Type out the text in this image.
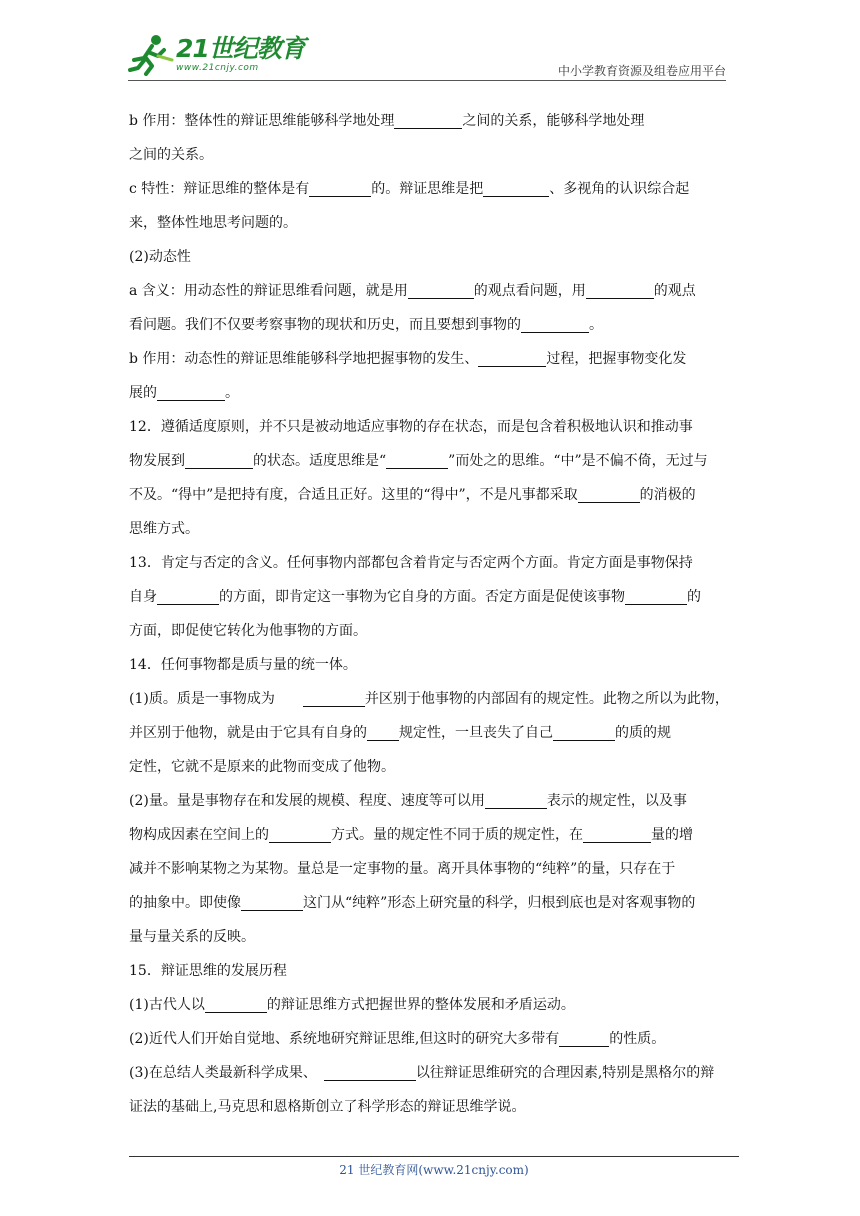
21世纪教育
www.21cnjy.com	中小学教育资源及组卷应用平台
b 作用：整体性的辩证思维能够科学地处理	之间的关系，能够科学地处理
之间的关系。
c 特性：辩证思维的整体是有	的。辩证思维是把	、多视角的认识综合起
来，整体性地思考问题的。
(2)动态性
a 含义：用动态性的辩证思维看问题，就是用	的观点看问题，用	的观点
看问题。我们不仅要考察事物的现状和历史，而且要想到事物的	。
b 作用：动态性的辩证思维能够科学地把握事物的发生、	过程，把握事物变化发
展的	。
12．遵循适度原则，并不只是被动地适应事物的存在状态，而是包含着积极地认识和推动事
物发展到	的状态。适度思维是“	”而处之的思维。“中”是不偏不倚，无过与
不及。“得中”是把持有度，合适且正好。这里的“得中”，不是凡事都采取	的消极的
思维方式。
13．肯定与否定的含义。任何事物内部都包含着肯定与否定两个方面。肯定方面是事物保持
自身	的方面，即肯定这一事物为它自身的方面。否定方面是促使该事物	的
方面，即促使它转化为他事物的方面。
14．任何事物都是质与量的统一体。
(1)质。质是一事物成为　　	并区别于他事物的内部固有的规定性。此物之所以为此物，
并区别于他物，就是由于它具有自身的 规定性，一旦丧失了自己	的质的规
定性，它就不是原来的此物而变成了他物。
(2)量。量是事物存在和发展的规模、程度、速度等可以用	表示的规定性，以及事
物构成因素在空间上的	方式。量的规定性不同于质的规定性，在	量的增
减并不影响某物之为某物。量总是一定事物的量。离开具体事物的“纯粹”的量，只存在于
的抽象中。即使像	这门从“纯粹”形态上研究量的科学，归根到底也是对客观事物的
量与量关系的反映。
15．辩证思维的发展历程
(1)古代人以	的辩证思维方式把握世界的整体发展和矛盾运动。
(2)近代人们开始自觉地、系统地研究辩证思维,但这时的研究大多带有	的性质。
(3)在总结人类最新科学成果、　	以往辩证思维研究的合理因素,特别是黑格尔的辩
证法的基础上,马克思和恩格斯创立了科学形态的辩证思维学说。
21 世纪教育网(www.21cnjy.com)
